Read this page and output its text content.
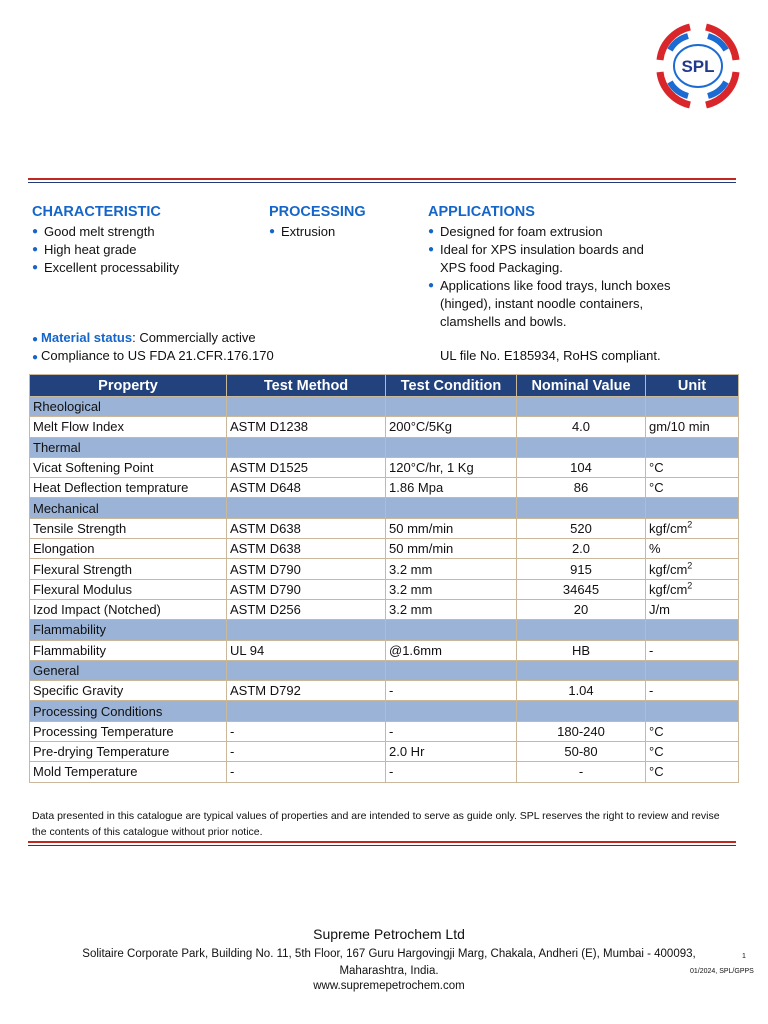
SPL
CHARACTERISTIC
● Good melt strength
● High heat grade
● Excellent processability
PROCESSING
● Extrusion
APPLICATIONS
● Designed for foam extrusion
● Ideal for XPS insulation boards and
XPS food Packaging.
● Applications like food trays, lunch boxes
(hinged), instant noodle containers,
clamshells and bowls.
● Material status: Commercially active
● Compliance to US FDA 21.CFR.176.170	UL file No. E185934, RoHS compliant.
Property	Test Method	Test Condition	Nominal Value	Unit
Rheological				
Melt Flow Index	ASTM D1238	200°C/5Kg	4.0	gm/10 min
Thermal				
Vicat Softening Point	ASTM D1525	120°C/hr, 1 Kg	104	°C
Heat Deflection temprature	ASTM D648	1.86 Mpa	86	°C
Mechanical				
Tensile Strength	ASTM D638	50 mm/min	520	kgf/$cm^2$
Elongation	ASTM D638	50 mm/min	2.0	%
Flexural Strength	ASTM D790	3.2 mm	915	kgf/$cm^2$
Flexural Modulus	ASTM D790	3.2 mm	34645	kgf/$cm^2$
Izod Impact (Notched)	ASTM D256	3.2 mm	20	J/m
Flammability				
Flammability	UL 94	@1.6mm	HB	-
General				
Specific Gravity	ASTM D792	-	1.04	-
Processing Conditions				
Processing Temperature	-	-	180-240	°C
Pre-drying Temperature	-	2.0 Hr	50-80	°C
Mold Temperature	-	-	-	°C
Data presented in this catalogue are typical values of properties and are intended to serve as guide only. SPL reserves the right to review and revise the contents of this catalogue without prior notice.
Supreme Petrochem Ltd
Solitaire Corporate Park, Building No. 11, 5th Floor, 167 Guru Hargovingji Marg, Chakala, Andheri (E), Mumbai - 400093,
Maharashtra, India.
www.supremepetrochem.com
1
01/2024, SPL/GPPS
